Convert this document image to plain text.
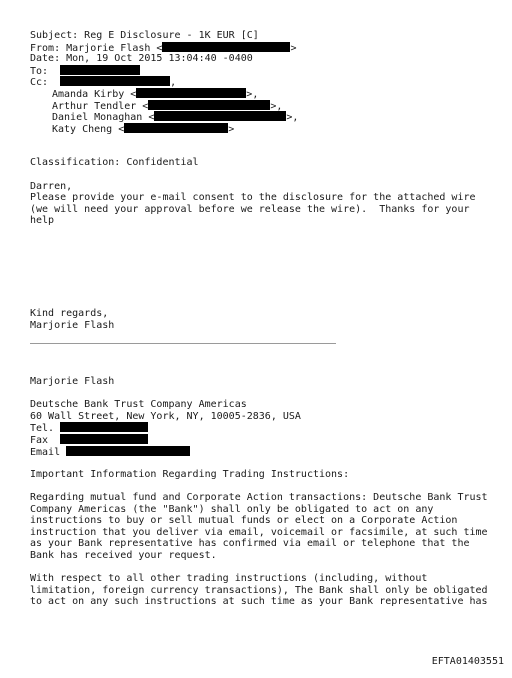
Subject: Reg E Disclosure - 1K EUR [C]
From: Marjorie Flash <	>
Date: Mon, 19 Oct 2015 13:04:40 -0400
To:
Cc:	,
Amanda Kirby <	>,
Arthur Tendler <	>,
Daniel Monaghan <	>,
Katy Cheng <	>
Classification: Confidential
Darren,
Please provide your e-mail consent to the disclosure for the attached wire
(we will need your approval before we release the wire).  Thanks for your
help
Kind regards,
Marjorie Flash
Marjorie Flash
Deutsche Bank Trust Company Americas
60 Wall Street, New York, NY, 10005-2836, USA
Tel.
Fax
Email
Important Information Regarding Trading Instructions:
Regarding mutual fund and Corporate Action transactions: Deutsche Bank Trust
Company Americas (the "Bank") shall only be obligated to act on any
instructions to buy or sell mutual funds or elect on a Corporate Action
instruction that you deliver via email, voicemail or facsimile, at such time
as your Bank representative has confirmed via email or telephone that the
Bank has received your request.
With respect to all other trading instructions (including, without
limitation, foreign currency transactions), The Bank shall only be obligated
to act on any such instructions at such time as your Bank representative has
EFTA01403551
